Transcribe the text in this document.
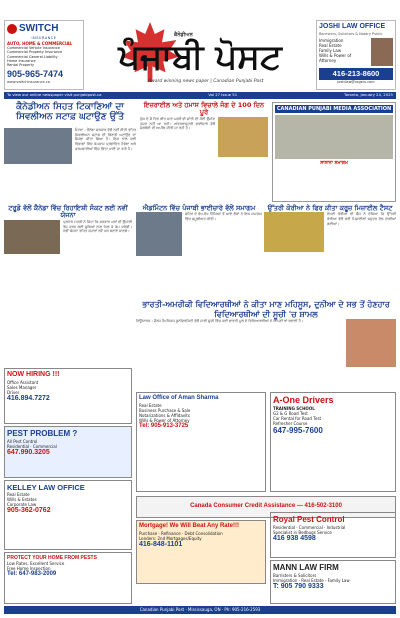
SWITCH
INSURANCE
AUTO, HOME & COMMERCIAL
Commercial Vehicle Insurance
Commercial Property Insurance
Commercial General Liability
Home Insurance
Rental Property
905-965-7474
www.switchinsurance.ca
ਕੈਨੇਡੀਅਨ
ਪੰਜਾਬੀ ਪੋਸਟ
Award winning news paper | Canadian Punjabi Post
JOSHI LAW OFFICE
Barristers, Solicitors & Notary Public
Immigration
Real Estate
Family Law
Wills & Power of Attorney
416-213-8600
joshilaw@rogers.com
To view our online newspaper visit punjabipost.ca	Vol 27 Issue 51	Toronto, January 24, 2025
ਕੈਨੇਡੀਅਨ ਸਿਹਤ ਟਿਕਾਣਿਆਂ ਦਾ ਸਿਵਲੀਅਨ ਸਟਾਫ਼ ਘਟਾਉਣ ਉੱਤੇ

ਓਟਵਾ : ਕੈਨੇਡਾ ਸਰਕਾਰ ਵੱਲੋਂ ਨਵੀਂ ਨੀਤੀ ਤਹਿਤ ਸਿਵਲੀਅਨ ਸਟਾਫ਼ ਦੀ ਗਿਣਤੀ ਘਟਾਉਣ ਦਾ ਫੈਸਲਾ ਕੀਤਾ ਗਿਆ ਹੈ। ਇਸ ਨਾਲ ਕਈ ਵਿਭਾਗਾਂ ਵਿੱਚ ਕੰਮਕਾਜ ਪ੍ਰਭਾਵਿਤ ਹੋਵੇਗਾ ਅਤੇ ਕਰਮਚਾਰੀਆਂ ਵਿੱਚ ਚਿੰਤਾ ਪਾਈ ਜਾ ਰਹੀ ਹੈ।

ਇਜ਼ਰਾਈਲ ਅਤੇ ਹਮਾਸ ਵਿਚਾਲੇ ਜੰਗ ਦੇ 100 ਦਿਨ ਪੂਰੇ

ਯੁੱਧ ਦੇ ਸੌ ਦਿਨ ਬੀਤ ਜਾਣ ਮਗਰੋਂ ਵੀ ਸ਼ਾਂਤੀ ਦੀ ਕੋਈ ਉਮੀਦ ਨਜ਼ਰ ਨਹੀਂ ਆ ਰਹੀ। ਅੰਤਰਰਾਸ਼ਟਰੀ ਭਾਈਚਾਰੇ ਵੱਲੋਂ ਜੰਗਬੰਦੀ ਦੀ ਅਪੀਲ ਕੀਤੀ ਜਾ ਰਹੀ ਹੈ।

CANADIAN PUNJABI MEDIA ASSOCIATION
ਸਾਲਾਨਾ ਸਮਾਗਮ
ਟਰੂਡੋ ਵੱਲੋਂ ਕੈਨੇਡਾ ਵਿੱਚ ਰਿਹਾਇਸ਼ੀ ਸੰਕਟ ਲਈ ਨਵੀਂ ਯੋਜਨਾ

ਪ੍ਰਧਾਨ ਮੰਤਰੀ ਨੇ ਕਿਹਾ ਕਿ ਸਰਕਾਰ ਘਰਾਂ ਦੀ ਉਸਾਰੀ ਤੇਜ਼ ਕਰਨ ਲਈ ਸੂਬਿਆਂ ਨਾਲ ਮਿਲ ਕੇ ਕੰਮ ਕਰੇਗੀ। ਨਵੀਂ ਯੋਜਨਾ ਤਹਿਤ ਹਜ਼ਾਰਾਂ ਨਵੇਂ ਘਰ ਬਣਾਏ ਜਾਣਗੇ।

ਐਡਮਿੰਟਨ ਵਿੱਚ ਪੰਜਾਬੀ ਭਾਈਚਾਰੇ ਵੱਲੋਂ ਸਮਾਗਮ

ਸ਼ਹਿਰ ਦੇ ਵੱਖ-ਵੱਖ ਹਿੱਸਿਆਂ ਤੋਂ ਆਏ ਲੋਕਾਂ ਨੇ ਇਸ ਸਮਾਗਮ ਵਿੱਚ ਸ਼ਮੂਲੀਅਤ ਕੀਤੀ।

ਉੱਤਰੀ ਕੋਰੀਆ ਨੇ ਫਿਰ ਕੀਤਾ ਕਰੂਜ਼ ਮਿਜ਼ਾਈਲ ਟੈਸਟ

ਦੱਖਣੀ ਕੋਰੀਆ ਦੀ ਫੌਜ ਨੇ ਦੱਸਿਆ ਕਿ ਉੱਤਰੀ ਕੋਰੀਆ ਵੱਲੋਂ ਕਈ ਮਿਜ਼ਾਈਲਾਂ ਸਮੁੰਦਰ ਵੱਲ ਦਾਗੀਆਂ ਗਈਆਂ।

ਭਾਰਤੀ-ਅਮਰੀਕੀ ਵਿਦਿਆਰਥੀਆਂ ਨੇ ਕੀਤਾ ਮਾਣ ਮਹਿਸੂਸ, ਦੁਨੀਆ ਦੇ ਸਭ ਤੋਂ ਹੋਣਹਾਰ ਵਿਦਿਆਰਥੀਆਂ ਦੀ ਸੂਚੀ 'ਚ ਸ਼ਾਮਲ

ਨਿਊਯਾਰਕ : ਜੌਨਸ ਹੌਪਕਿਨਸ ਯੂਨੀਵਰਸਿਟੀ ਵੱਲੋਂ ਜਾਰੀ ਸੂਚੀ ਵਿੱਚ ਕਈ ਭਾਰਤੀ ਮੂਲ ਦੇ ਵਿਦਿਆਰਥੀਆਂ ਨੇ ਆਪਣੀ ਥਾਂ ਬਣਾਈ ਹੈ।

NOW HIRING !!!
Office Assistant
Sales Manager
Driver
416.894.7272
PEST PROBLEM ?
All Pest Control
Residential · Commercial
647.990.3205
KELLEY LAW OFFICE
Real Estate
Wills & Estates
Corporate Law
905-362-0762
PROTECT YOUR HOME FROM PESTS
Low Rates, Excellent Service
Free Home Inspection
Tel: 647-983-2009
Law Office of Aman Sharma
Real Estate
Business Purchase & Sale
Notarizations & Affidavits
Wills & Power of Attorney
Tel: 905-913-3725
A-One Drivers
TRAINING SCHOOL
G2 & G Road Test
Car Rental for Road Test
Refresher Course
647-995-7600
Canada Consumer Credit Assistance — 416-502-3100
Mortgage! We Will Beat Any Rate!!!
Purchase · Refinance · Debt Consolidation
Lenders: 2nd Mortgages/Equity
416-848-1101
Royal Pest Control
Residential · Commercial · Industrial
Specialist in Bedbugs Service
416 938 4598
MANN LAW FIRM
Barristers & Solicitors
Immigration · Real Estate · Family Law
T: 905 790 9333
Canadian Punjabi Post · Mississauga, ON · Ph: 905-216-2593
